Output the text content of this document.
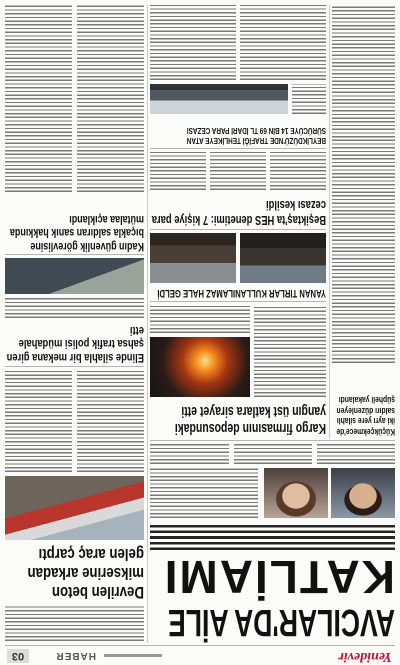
Yenidevir
HABER
03
AVCILAR'DA AİLE
KATLİAMI
Küçükçekmece'de iki ayrı yere silahlı saldırı düzenleyen şüpheli yakalandı
Kargo firmasının deposundaki yangın üst katlara sirayet etti
YANAN TIRLAR KULLANILAMAZ HALE GELDİ
Beşiktaş'ta HES denetimi: 7 kişiye para cezası kesildi
BEYLİKDÜZÜ'NDE TRAFİĞİ TEHLİKEYE ATAN SÜRÜCÜYE 14 BİN 69 TL İDARİ PARA CEZASI
Devrilen beton mikserine arkadan gelen araç çarptı
Elinde silahla bir mekana giren şahsa trafik polisi müdahale etti
Kadın güvenlik görevlisine bıçakla saldıran sanık hakkında mütalaa açıklandı
